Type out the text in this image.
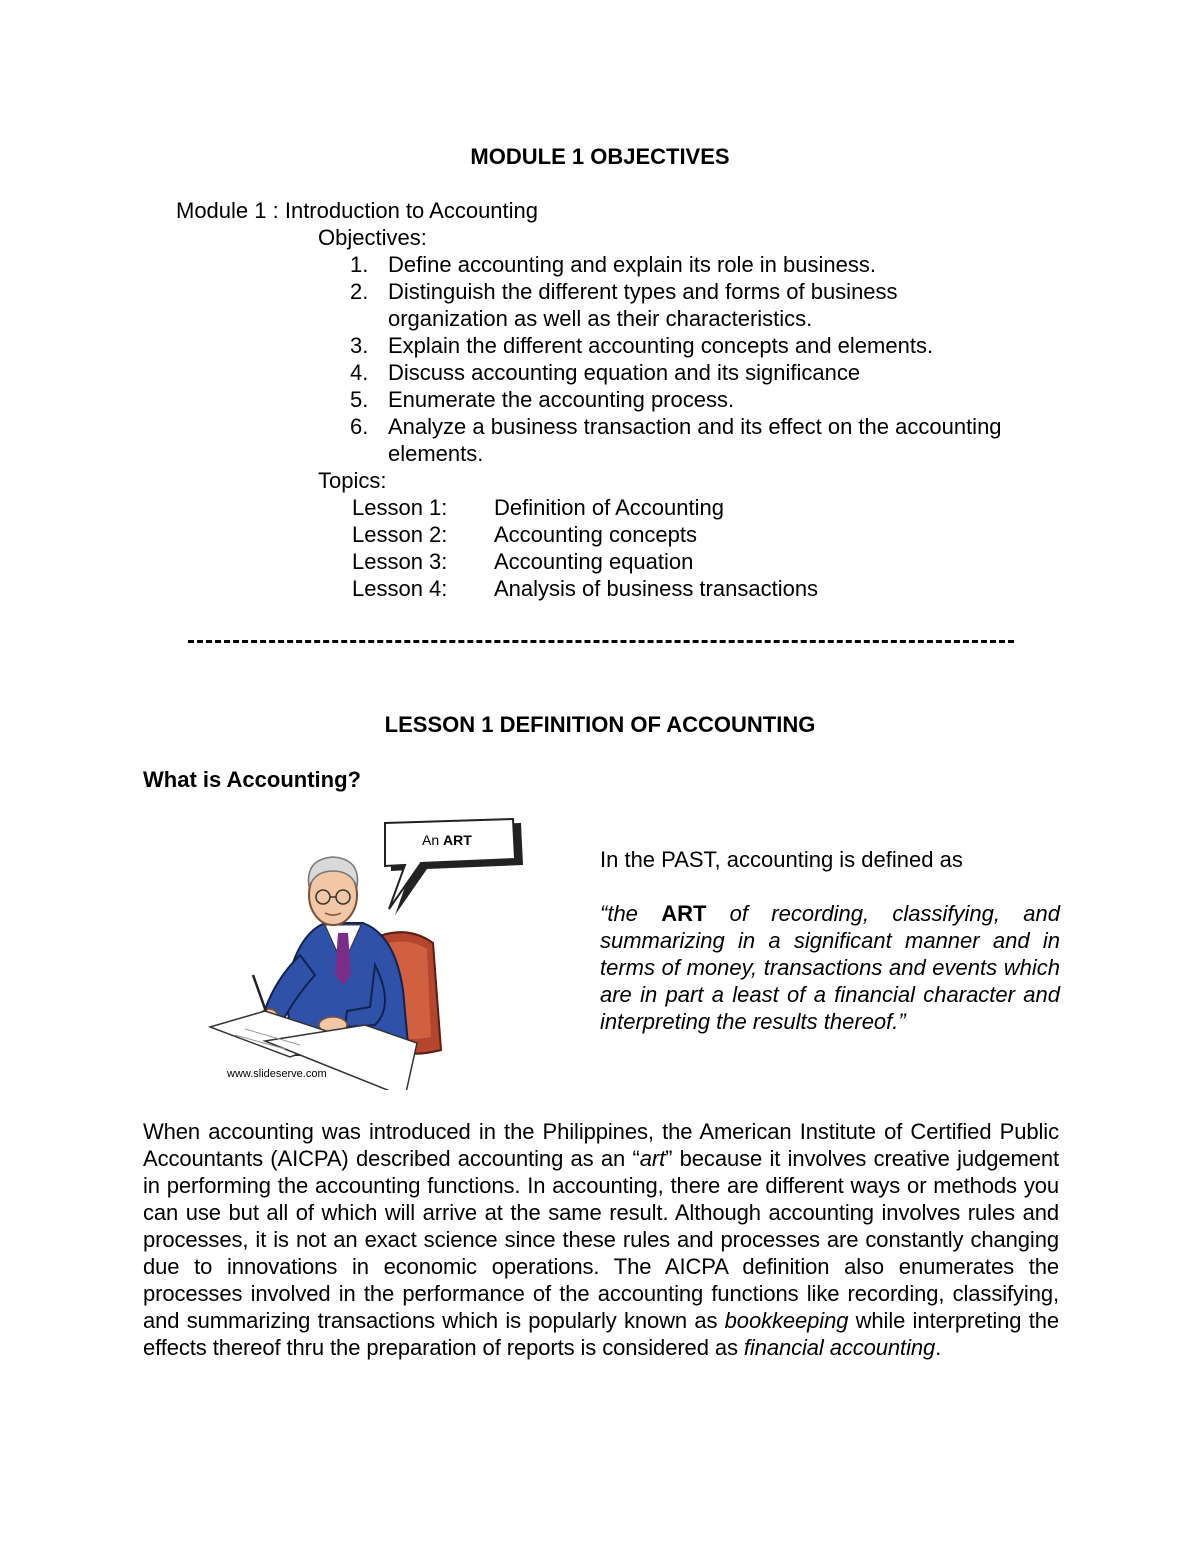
MODULE 1 OBJECTIVES
Module 1 : Introduction to Accounting
Objectives:
1. Define accounting and explain its role in business.
2. Distinguish the different types and forms of business organization as well as their characteristics.
3. Explain the different accounting concepts and elements.
4. Discuss accounting equation and its significance
5. Enumerate the accounting process.
6. Analyze a business transaction and its effect on the accounting elements.
Topics:
Lesson 1:	Definition of Accounting
Lesson 2:	Accounting concepts
Lesson 3:	Accounting equation
Lesson 4:	Analysis of business transactions
LESSON 1 DEFINITION OF ACCOUNTING
What is Accounting?
An ART
www.slideserve.com
In the PAST, accounting is defined as
“the ART of recording, classifying, and summarizing in a significant manner and in terms of money, transactions and events which are in part a least of a financial character and interpreting the results thereof.”
When accounting was introduced in the Philippines, the American Institute of Certified Public Accountants (AICPA) described accounting as an “art” because it involves creative judgement in performing the accounting functions. In accounting, there are different ways or methods you can use but all of which will arrive at the same result. Although accounting involves rules and processes, it is not an exact science since these rules and processes are constantly changing due to innovations in economic operations. The AICPA definition also enumerates the processes involved in the performance of the accounting functions like recording, classifying, and summarizing transactions which is popularly known as bookkeeping while interpreting the effects thereof thru the preparation of reports is considered as financial accounting.
